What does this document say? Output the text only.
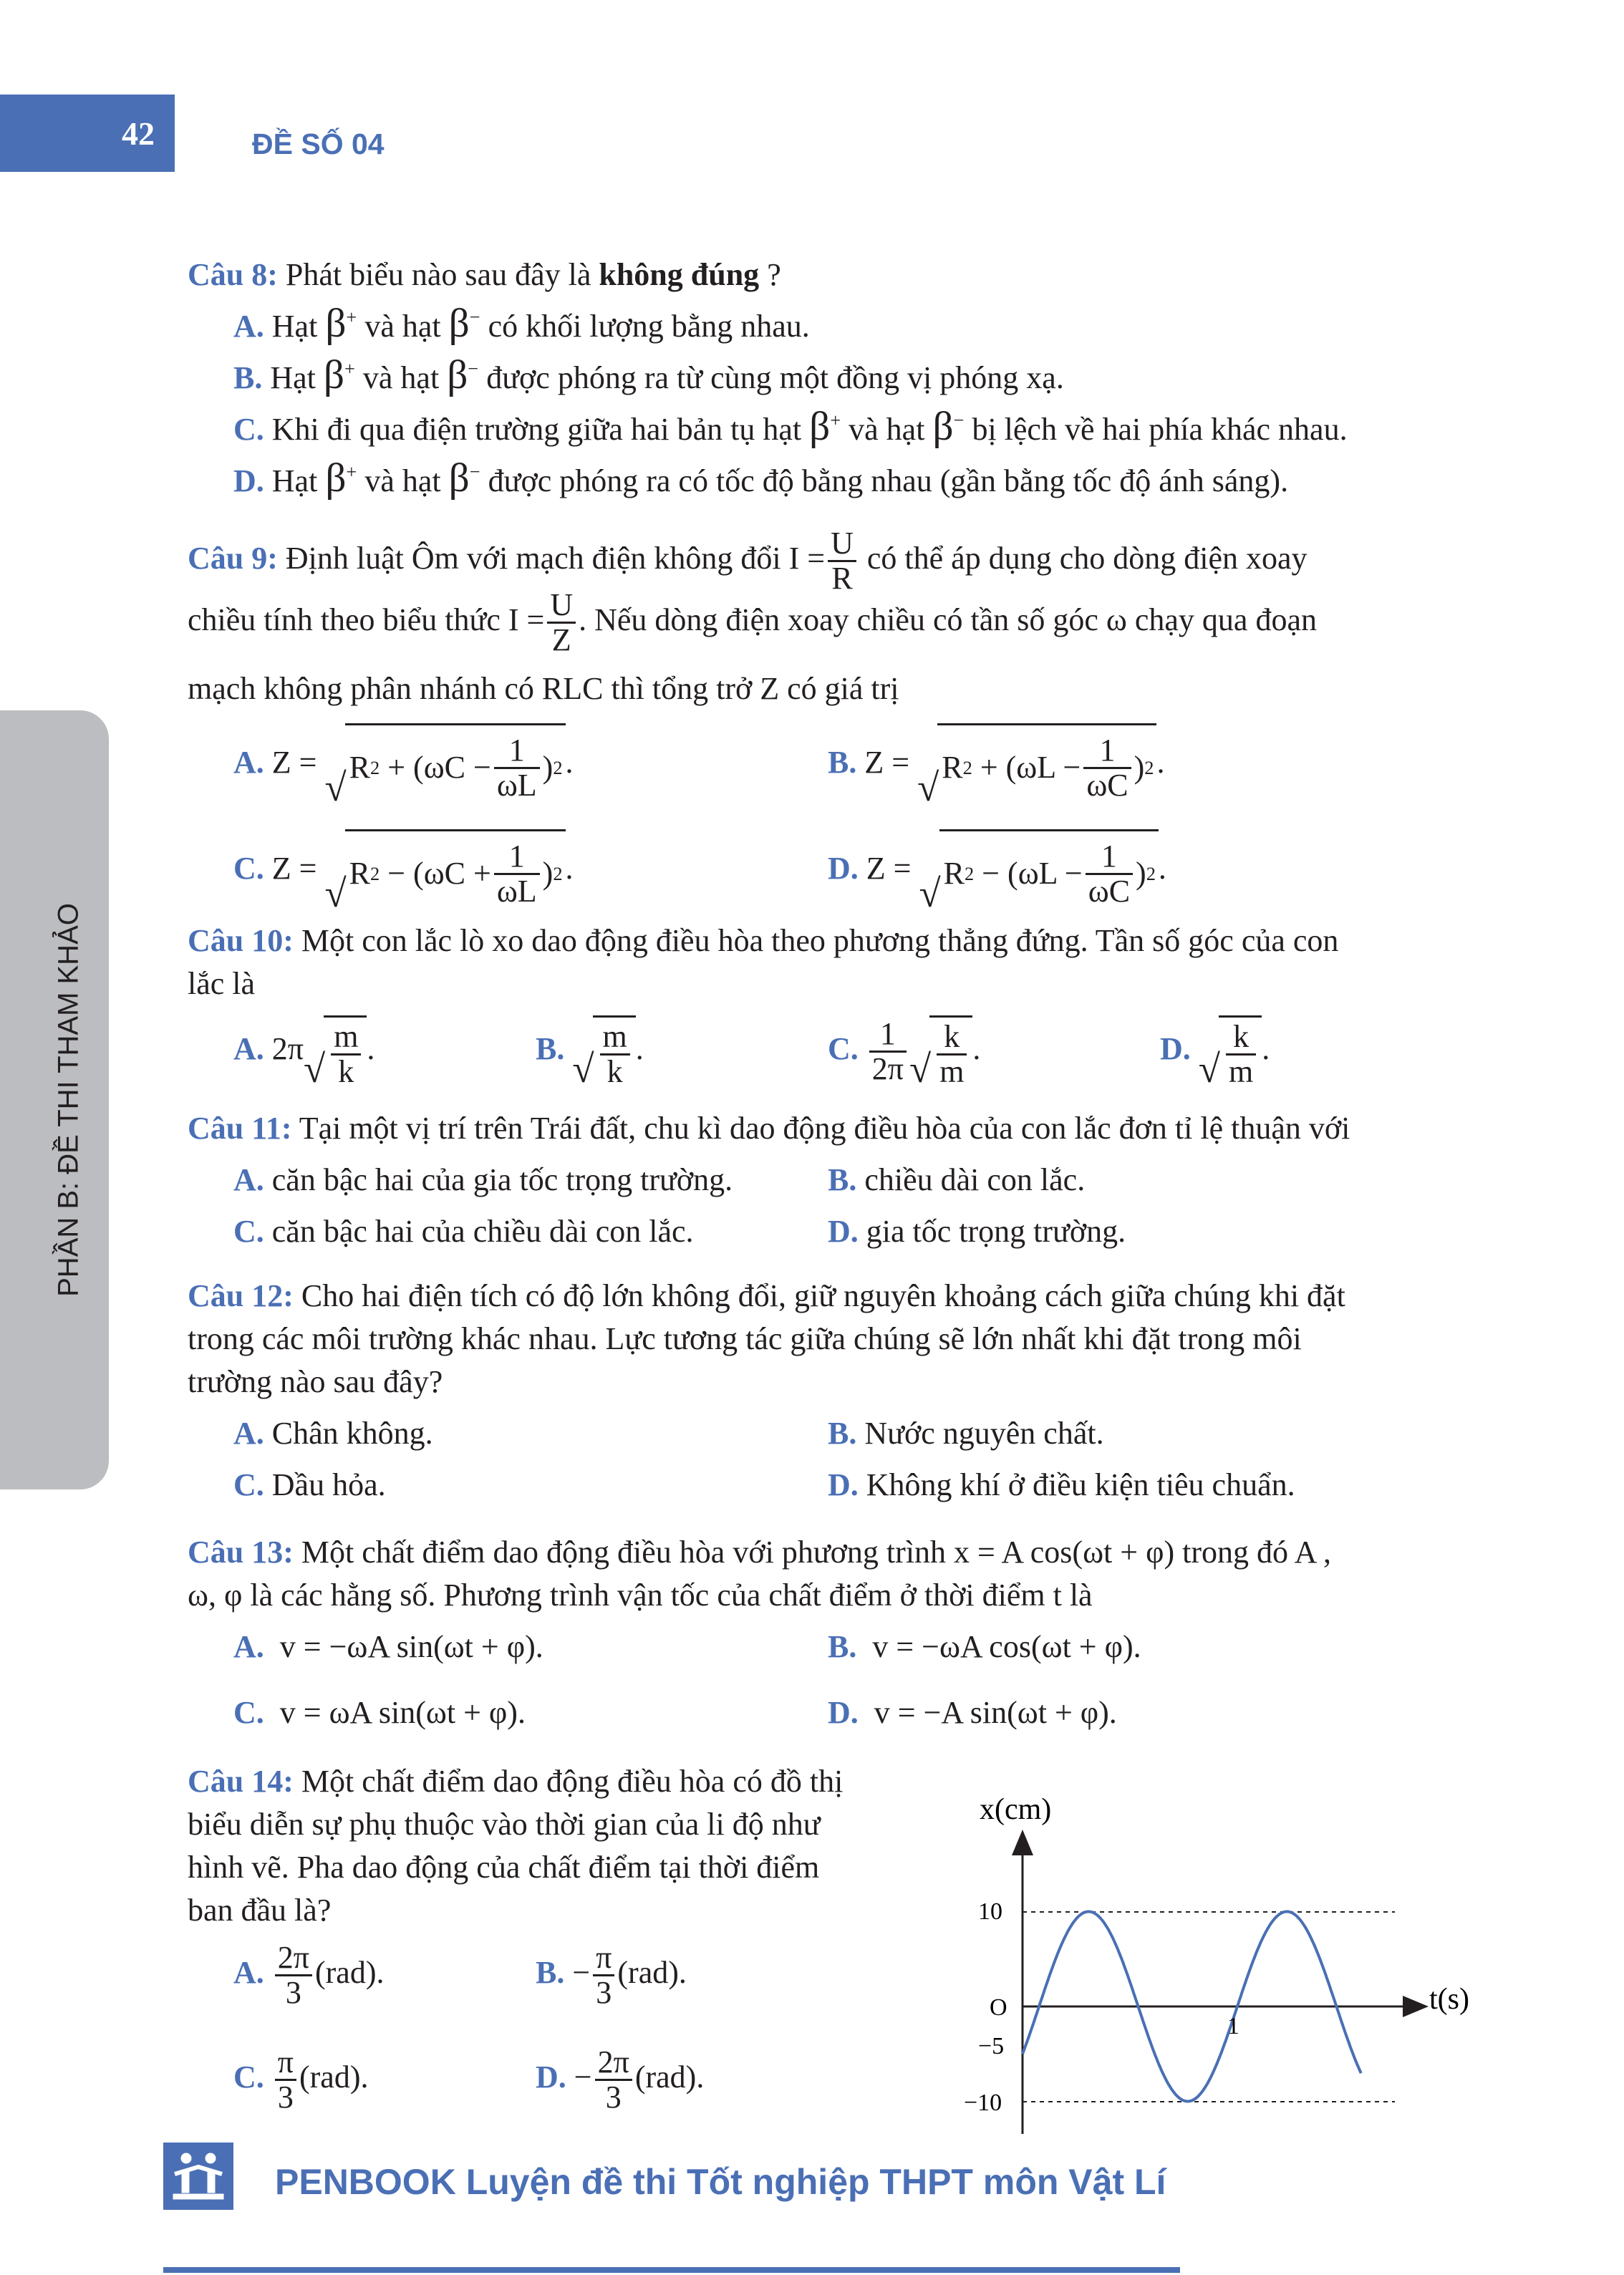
42	ĐỀ SỐ 04
PHẦN B: ĐỀ THI THAM KHẢO
Câu 8: Phát biểu nào sau đây là không đúng ?
A. Hạt β+ và hạt β− có khối lượng bằng nhau.
B. Hạt β+ và hạt β− được phóng ra từ cùng một đồng vị phóng xạ.
C. Khi đi qua điện trường giữa hai bản tụ hạt β+ và hạt β− bị lệch về hai phía khác nhau.
D. Hạt β+ và hạt β− được phóng ra có tốc độ bằng nhau (gần bằng tốc độ ánh sáng).
Câu 9: Định luật Ôm với mạch điện không đổi $I = \frac{U}{R}$ có thể áp dụng cho dòng điện xoay
chiều tính theo biểu thức $I = \frac{U}{Z}$ . Nếu dòng điện xoay chiều có tần số góc ω chạy qua đoạn
mạch không phân nhánh có RLC thì tổng trở Z có giá trị
A. Z =
√ R 2
+ ($\omega C - \frac{1}{\omega L}$ ) 2 .	B. Z =
√ R 2
+ ($\omega L - \frac{1}{\omega C}$ ) 2 .
C. Z =
√ R 2
− ($\omega C + \frac{1}{\omega L}$ ) 2 .	D. Z =
√ R 2
− ($\omega L - \frac{1}{\omega C}$ ) 2 .
Câu 10: Một con lắc lò xo dao động điều hòa theo phương thẳng đứng. Tần số góc của con
lắc là
A. 2π √ $\frac{m}{k}$ .	B. √ $\frac{m}{k}$ .	C. $\frac{1}{2\pi}$ √ $\frac{k}{m}$ .	D. √ $\frac{k}{m}$ .
Câu 11: Tại một vị trí trên Trái đất, chu kì dao động điều hòa của con lắc đơn tỉ lệ thuận với
A. căn bậc hai của gia tốc trọng trường.	B. chiều dài con lắc.
C. căn bậc hai của chiều dài con lắc.	D. gia tốc trọng trường.
Câu 12: Cho hai điện tích có độ lớn không đổi, giữ nguyên khoảng cách giữa chúng khi đặt
trong các môi trường khác nhau. Lực tương tác giữa chúng sẽ lớn nhất khi đặt trong môi
trường nào sau đây?
A. Chân không.	B. Nước nguyên chất.
C. Dầu hỏa.	D. Không khí ở điều kiện tiêu chuẩn.
Câu 13: Một chất điểm dao động điều hòa với phương trình x = A cos(ωt + φ) trong đó A ,
ω, φ là các hằng số. Phương trình vận tốc của chất điểm ở thời điểm t là
A. v = −ωA sin(ωt + φ).	B. v = −ωA cos(ωt + φ).
C. v = ωA sin(ωt + φ).	D. v = −A sin(ωt + φ).
Câu 14: Một chất điểm dao động điều hòa có đồ thị
biểu diễn sự phụ thuộc vào thời gian của li độ như
hình vẽ. Pha dao động của chất điểm tại thời điểm
ban đầu là?
A. $\frac{2\pi}{3} (rad)$.	B. − $\frac{\pi}{3} (rad)$.
C. $\frac{\pi}{3} (rad)$.	D. − $\frac{2\pi}{3} (rad)$.
x(cm)
t(s)
10
O
−5
−10
1
PENBOOK Luyện đề thi Tốt nghiệp THPT môn Vật Lí
